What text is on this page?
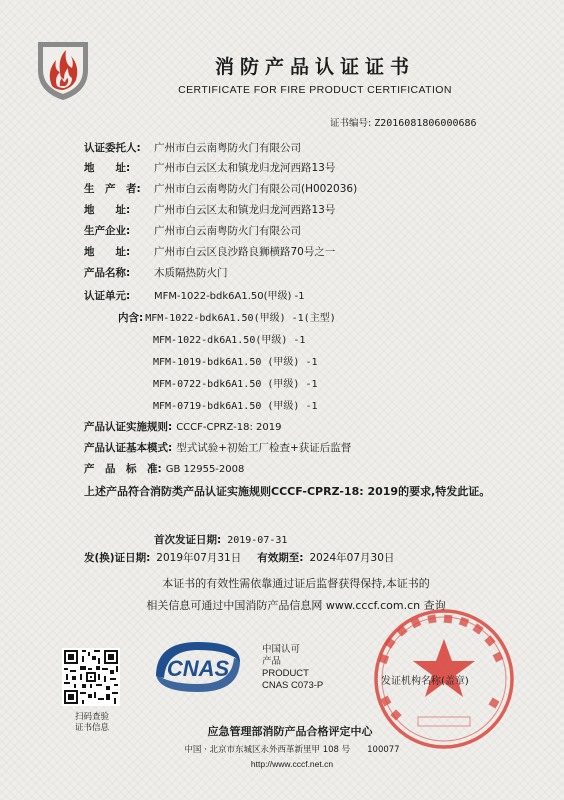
消防产品认证证书
CERTIFICATE FOR FIRE PRODUCT CERTIFICATION
证书编号: Z2016081806000686
认证委托人: 广州市白云南粤防火门有限公司
地　　址: 广州市白云区太和镇龙归龙河西路13号
生　产　者: 广州市白云南粤防火门有限公司(H002036)
地　　址: 广州市白云区太和镇龙归龙河西路13号
生产企业: 广州市白云南粤防火门有限公司
地　　址: 广州市白云区良沙路良狮横路70号之一
产品名称: 木质隔热防火门
认证单元: MFM-1022-bdk6A1.50(甲级) -1
内含: MFM-1022-bdk6A1.50(甲级) -1(主型)
MFM-1022-dk6A1.50(甲级) -1
MFM-1019-bdk6A1.50 (甲级) -1
MFM-0722-bdk6A1.50 (甲级) -1
MFM-0719-bdk6A1.50 (甲级) -1
产品认证实施规则: CCCF-CPRZ-18: 2019
产品认证基本模式: 型式试验+初始工厂检查+获证后监督
产　品　标　准: GB 12955-2008
上述产品符合消防类产品认证实施规则CCCF-CPRZ-18: 2019的要求,特发此证。
首次发证日期: 2019-07-31
发(换)证日期: 2019年07月31日 有效期至: 2024年07月30日
本证书的有效性需依靠通过证后监督获得保持,本证书的
相关信息可通过中国消防产品信息网 www.cccf.com.cn 查询
扫码查验
证书信息
CNAS
中国认可
产品
PRODUCT
CNAS C073-P	发证机构名称(盖章)
应急管理部消防产品合格评定中心
中国 · 北京市东城区永外西革新里甲 108 号　　100077
http://www.cccf.net.cn
